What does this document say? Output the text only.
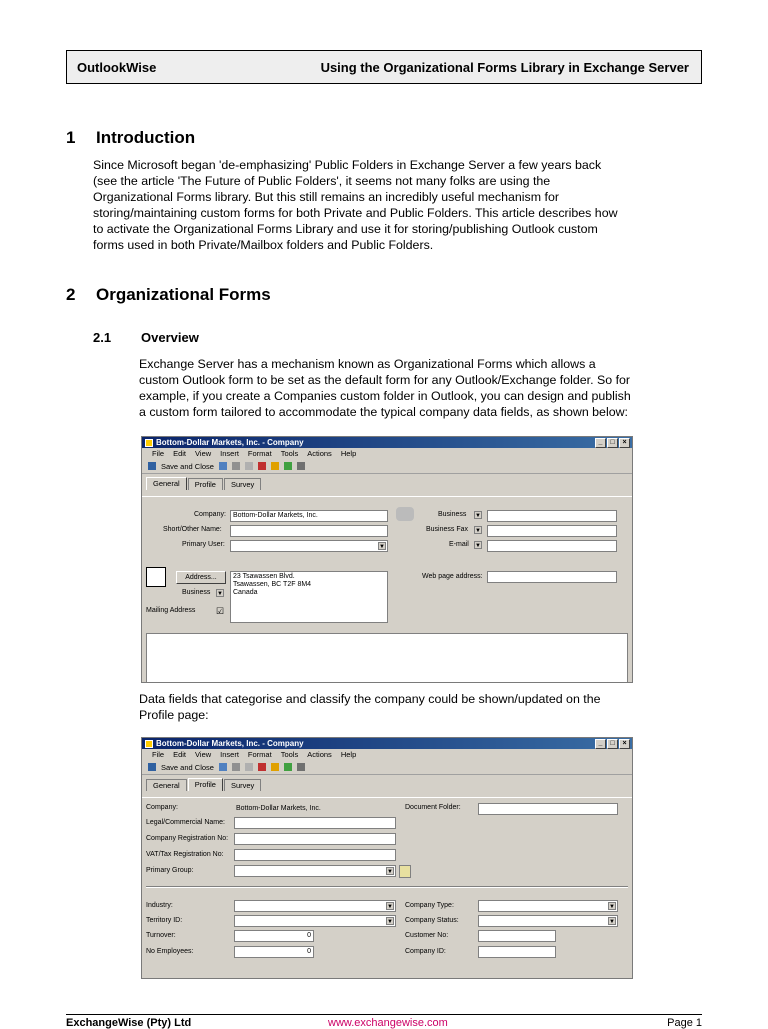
OutlookWise	Using the Organizational Forms Library in Exchange Server
1 Introduction
Since Microsoft began 'de-emphasizing' Public Folders in Exchange Server a few years back
(see the article 'The Future of Public Folders', it seems not many folks are using the
Organizational Forms library. But this still remains an incredibly useful mechanism for
storing/maintaining custom forms for both Private and Public Folders. This article describes how
to activate the Organizational Forms Library and use it for storing/publishing Outlook custom
forms used in both Private/Mailbox folders and Public Folders.
2 Organizational Forms
2.1 Overview
Exchange Server has a mechanism known as Organizational Forms which allows a
custom Outlook form to be set as the default form for any Outlook/Exchange folder. So for
example, if you create a Companies custom folder in Outlook, you can design and publish
a custom form tailored to accommodate the typical company data fields, as shown below:
Bottom-Dollar Markets, Inc. - Company	_	□	×
File Edit View Insert Format Tools Actions Help
Save and Close
General	Profile	Survey
Company:	Bottom-Dollar Markets, Inc.
Short/Other Name:
Primary User:	▼
Business ▼
Business Fax ▼
E-mail ▼
Address...
Business ▼
23 Tsawassen Blvd.
Tsawassen, BC T2F 8M4
Canada
Mailing Address ☑
Web page address:
Data fields that categorise and classify the company could be shown/updated on the
Profile page:
Bottom-Dollar Markets, Inc. - Company	_	□	×
File Edit View Insert Format Tools Actions Help
Save and Close
General	Profile	Survey
Company:	Bottom-Dollar Markets, Inc.
Legal/Commercial Name:
Company Registration No:
VAT/Tax Registration No:
Primary Group:	▼
Document Folder:
Industry:	▼
Territory ID:	▼
Turnover:	0
No Employees:	0
Company Type:	▼
Company Status:	▼
Customer No:
Company ID:
ExchangeWise (Pty) Ltd	www.exchangewise.com	Page 1
